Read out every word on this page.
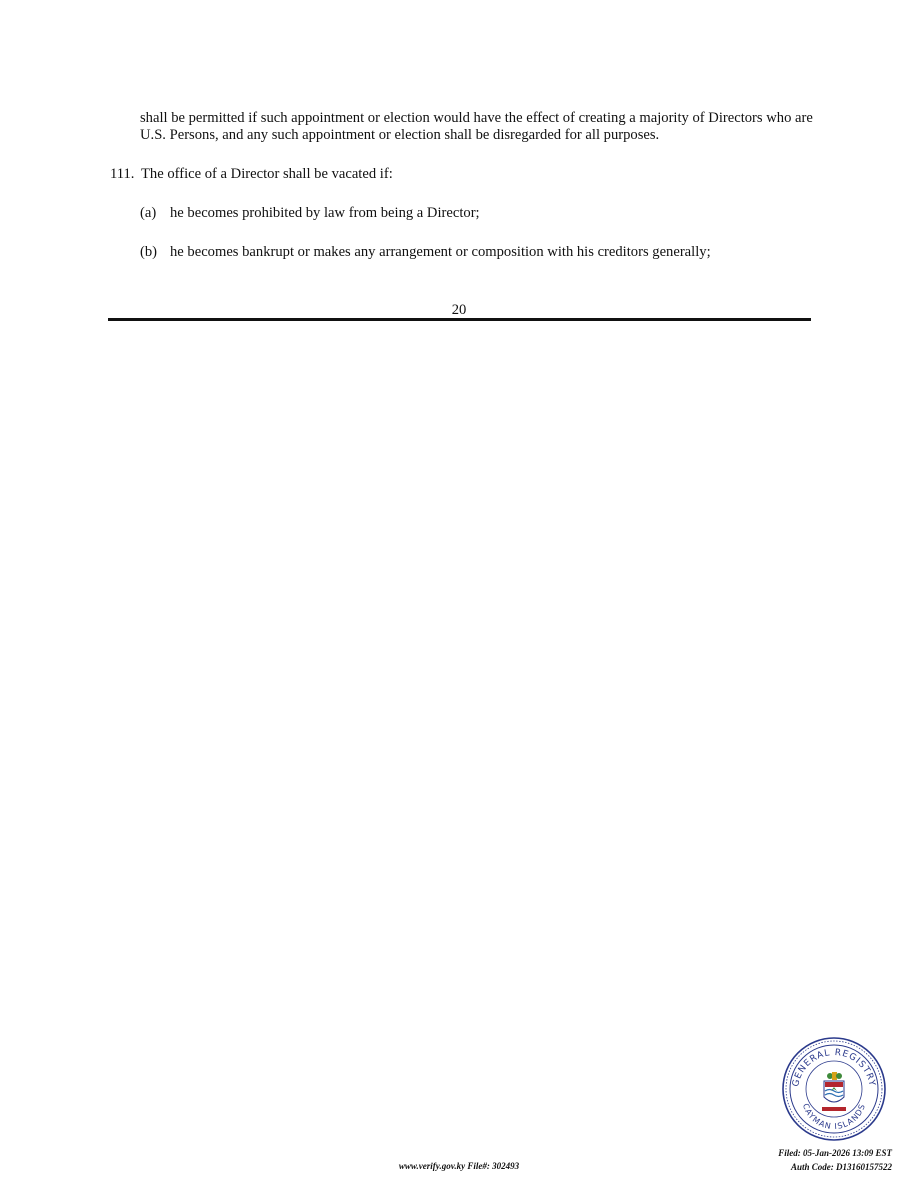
shall be permitted if such appointment or election would have the effect of creating a majority of Directors who are U.S. Persons, and any such appointment or election shall be disregarded for all purposes.
111. The office of a Director shall be vacated if:
(a) he becomes prohibited by law from being a Director;
(b) he becomes bankrupt or makes any arrangement or composition with his creditors generally;
20
GENERAL REGISTRY
CAYMAN ISLANDS
www.verify.gov.ky File#: 302493
Filed: 05-Jan-2026 13:09 EST
Auth Code: D13160157522
